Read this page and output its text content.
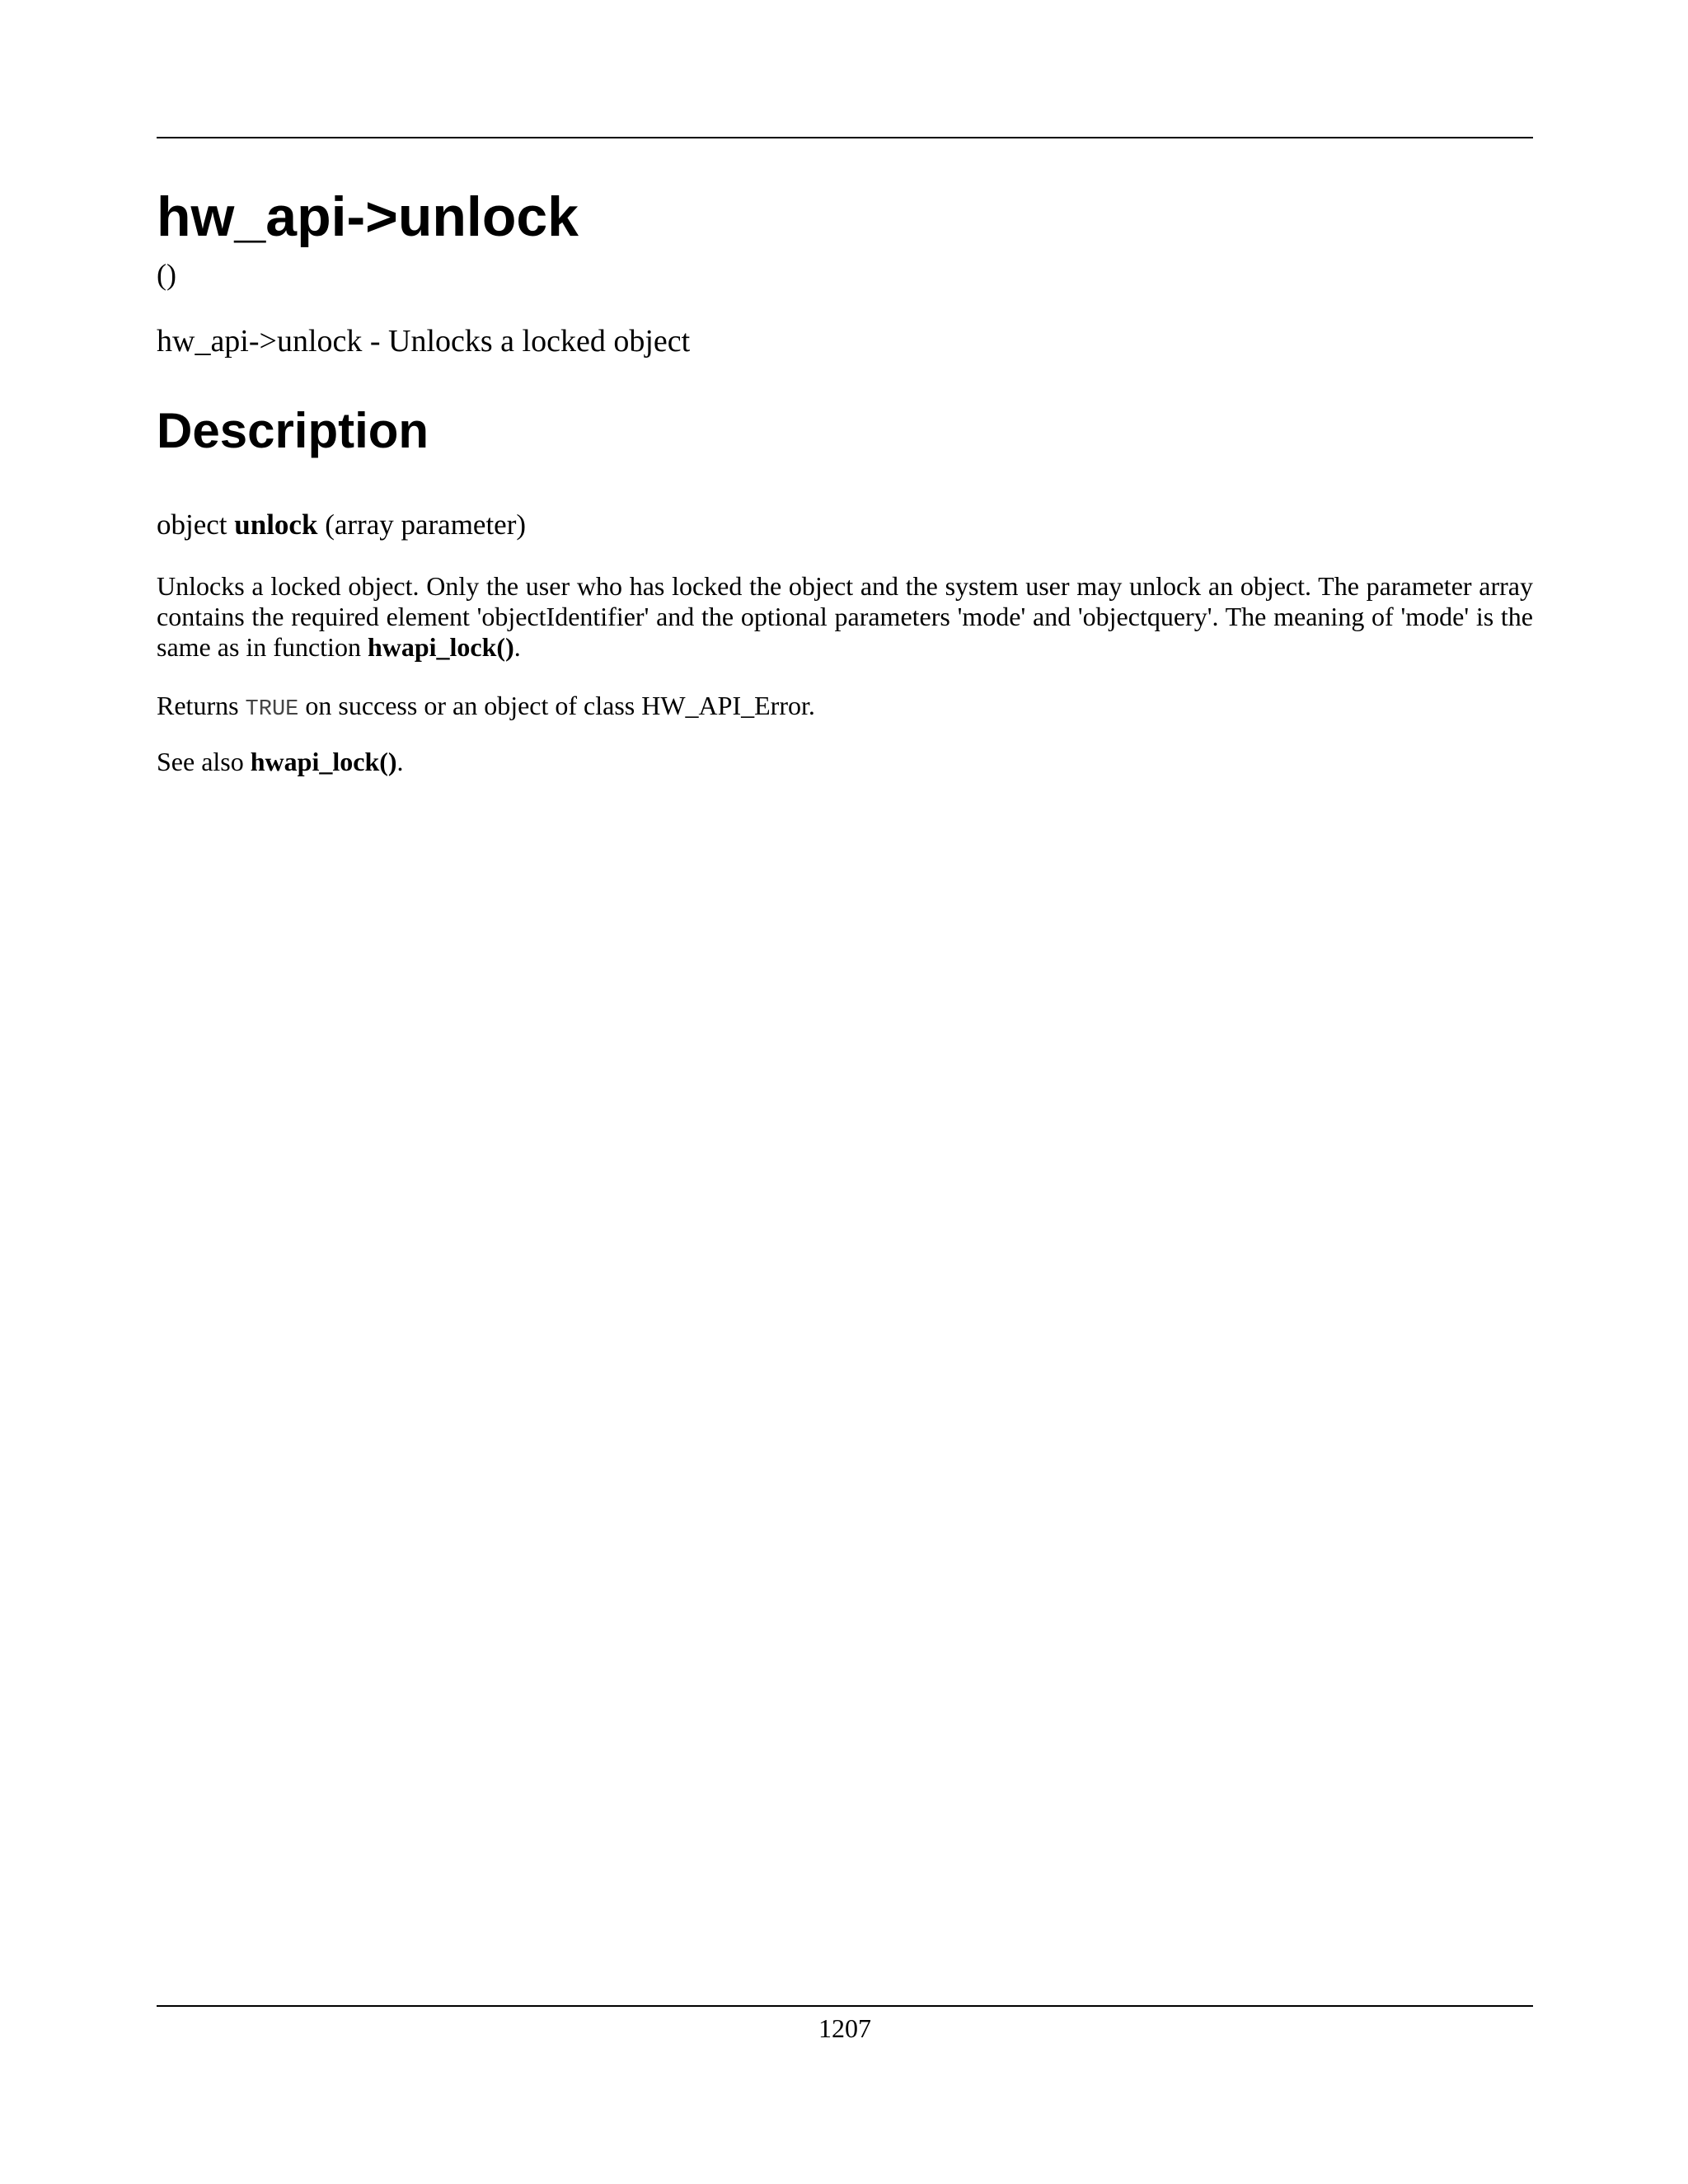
hw_api->unlock
()
hw_api->unlock - Unlocks a locked object
Description
object unlock (array parameter)

Unlocks a locked object. Only the user who has locked the object and the system user may unlock an object. The parameter array contains the required element 'objectIdentifier' and the optional parameters 'mode' and 'objectquery'. The meaning of 'mode' is the same as in function hwapi_lock().

Returns TRUE on success or an object of class HW_API_Error.

See also hwapi_lock().

1207
